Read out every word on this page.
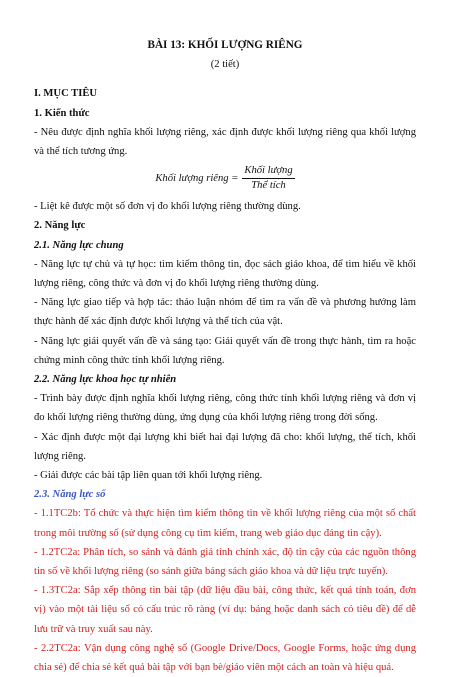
BÀI 13: KHỐI LƯỢNG RIÊNG
(2 tiết)
I. MỤC TIÊU
1. Kiến thức

- Nêu được định nghĩa khối lượng riêng, xác định được khối lượng riêng qua khối lượng và thể tích tương ứng.

Khối lượng riêng = $\frac{\text{Khối lượng}}{\text{Thể tích}}$

- Liệt kê được một số đơn vị đo khối lượng riêng thường dùng.

2. Năng lực
2.1. Năng lực chung

- Năng lực tự chủ và tự học: tìm kiếm thông tin, đọc sách giáo khoa, để tìm hiểu về khối lượng riêng, công thức và đơn vị đo khối lượng riêng thường dùng.

- Năng lực giao tiếp và hợp tác: thảo luận nhóm để tìm ra vấn đề và phương hướng làm thực hành để xác định được khối lượng và thể tích của vật.

- Năng lực giải quyết vấn đề và sáng tạo: Giải quyết vấn đề trong thực hành, tìm ra hoặc chứng minh công thức tính khối lượng riêng.

2.2. Năng lực khoa học tự nhiên

- Trình bày được định nghĩa khối lượng riêng, công thức tính khối lượng riêng và đơn vị đo khối lượng riêng thường dùng, ứng dụng của khối lượng riêng trong đời sống.

- Xác định được một đại lượng khi biết hai đại lượng đã cho: khối lượng, thể tích, khối lượng riêng.

- Giải được các bài tập liên quan tới khối lượng riêng.

2.3. Năng lực số

- 1.1TC2b: Tổ chức và thực hiện tìm kiếm thông tin về khối lượng riêng của một số chất trong môi trường số (sử dụng công cụ tìm kiếm, trang web giáo dục đáng tin cậy).

- 1.2TC2a: Phân tích, so sánh và đánh giá tính chính xác, độ tin cậy của các nguồn thông tin số về khối lượng riêng (so sánh giữa bảng sách giáo khoa và dữ liệu trực tuyến).

- 1.3TC2a: Sắp xếp thông tin bài tập (dữ liệu đầu bài, công thức, kết quả tính toán, đơn vị) vào một tài liệu số có cấu trúc rõ ràng (ví dụ: bảng hoặc danh sách có tiêu đề) để dễ lưu trữ và truy xuất sau này.

- 2.2TC2a: Vận dụng công nghệ số (Google Drive/Docs, Google Forms, hoặc ứng dụng chia sẻ) để chia sẻ kết quả bài tập với bạn bè/giáo viên một cách an toàn và hiệu quả.
